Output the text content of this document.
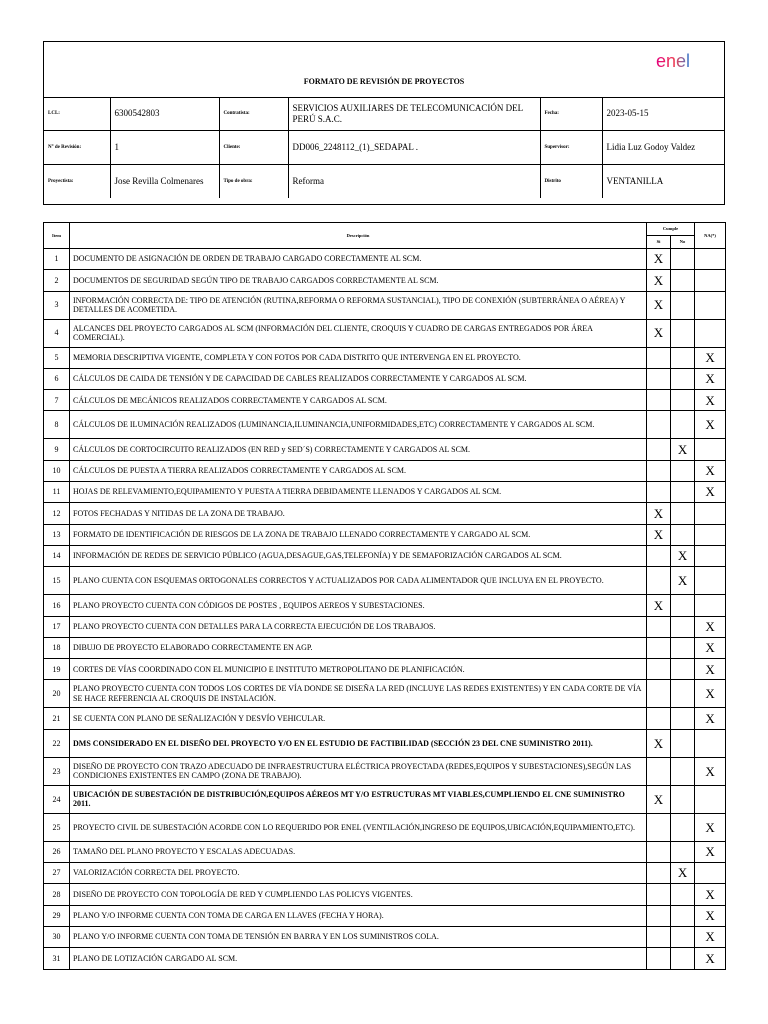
FORMATO DE REVISIÓN DE PROYECTOS
enel
LCL:	6300542803	Contratista:	SERVICIOS AUXILIARES DE TELECOMUNICACIÓN DEL PERÚ S.A.C.	Fecha:	2023-05-15
N° de Revisión:	1	Cliente:	DD006_2248112_(1)_SEDAPAL .	Supervisor:	Lidia Luz Godoy Valdez
Proyectista:	Jose Revilla Colmenares	Tipo de obra:	Reforma	Distrito	VENTANILLA
Item	Descripción	Cumple		NA(*)
		Si	No	
1	DOCUMENTO DE ASIGNACIÓN DE ORDEN DE TRABAJO CARGADO CORECTAMENTE AL SCM.	X		
2	DOCUMENTOS DE SEGURIDAD SEGÚN TIPO DE TRABAJO CARGADOS CORRECTAMENTE AL SCM.	X		
3	INFORMACIÓN CORRECTA DE: TIPO DE ATENCIÓN (RUTINA,REFORMA O REFORMA SUSTANCIAL), TIPO DE CONEXIÓN (SUBTERRÁNEA O AÉREA) Y DETALLES DE ACOMETIDA.	X		
4	ALCANCES DEL PROYECTO CARGADOS AL SCM (INFORMACIÓN DEL CLIENTE, CROQUIS Y CUADRO DE CARGAS ENTREGADOS POR ÁREA COMERCIAL).	X		
5	MEMORIA DESCRIPTIVA VIGENTE, COMPLETA Y CON FOTOS POR CADA DISTRITO QUE INTERVENGA EN EL PROYECTO.			X
6	CÁLCULOS DE CAIDA DE TENSIÓN Y DE CAPACIDAD DE CABLES REALIZADOS CORRECTAMENTE Y CARGADOS AL SCM.			X
7	CÁLCULOS DE MECÁNICOS REALIZADOS CORRECTAMENTE Y CARGADOS AL SCM.			X
8	CÁLCULOS DE ILUMINACIÓN REALIZADOS (LUMINANCIA,ILUMINANCIA,UNIFORMIDADES,ETC) CORRECTAMENTE Y CARGADOS AL SCM.			X
9	CÁLCULOS DE CORTOCIRCUITO REALIZADOS (EN RED y SED´S) CORRECTAMENTE Y CARGADOS AL SCM.		X	
10	CÁLCULOS DE PUESTA A TIERRA REALIZADOS CORRECTAMENTE Y CARGADOS AL SCM.			X
11	HOJAS DE RELEVAMIENTO,EQUIPAMIENTO Y PUESTA A TIERRA DEBIDAMENTE LLENADOS Y CARGADOS AL SCM.			X
12	FOTOS FECHADAS Y NITIDAS DE LA ZONA DE TRABAJO.	X		
13	FORMATO DE IDENTIFICACIÓN DE RIESGOS DE LA ZONA DE TRABAJO LLENADO CORRECTAMENTE Y CARGADO AL SCM.	X		
14	INFORMACIÓN DE REDES DE SERVICIO PÚBLICO (AGUA,DESAGUE,GAS,TELEFONÍA) Y DE SEMAFORIZACIÓN CARGADOS AL SCM.		X	
15	PLANO CUENTA CON ESQUEMAS ORTOGONALES CORRECTOS Y ACTUALIZADOS POR CADA ALIMENTADOR QUE INCLUYA EN EL PROYECTO.		X	
16	PLANO PROYECTO CUENTA CON CÓDIGOS DE POSTES , EQUIPOS AEREOS Y SUBESTACIONES.	X		
17	PLANO PROYECTO CUENTA CON DETALLES PARA LA CORRECTA EJECUCIÓN DE LOS TRABAJOS.			X
18	DIBUJO DE PROYECTO ELABORADO CORRECTAMENTE EN AGP.			X
19	CORTES DE VÍAS COORDINADO CON EL MUNICIPIO E INSTITUTO METROPOLITANO DE PLANIFICACIÓN.			X
20	PLANO PROYECTO CUENTA CON TODOS LOS CORTES DE VÍA DONDE SE DISEÑA LA RED (INCLUYE LAS REDES EXISTENTES) Y EN CADA CORTE DE VÍA SE HACE REFERENCIA AL CROQUIS DE INSTALACIÓN.			X
21	SE CUENTA CON PLANO DE SEÑALIZACIÓN Y DESVÍO VEHICULAR.			X
22	DMS CONSIDERADO EN EL DISEÑO DEL PROYECTO Y/O EN EL ESTUDIO DE FACTIBILIDAD (SECCIÓN 23 DEL CNE SUMINISTRO 2011).	X		
23	DISEÑO DE PROYECTO CON TRAZO ADECUADO DE INFRAESTRUCTURA ELÉCTRICA PROYECTADA (REDES,EQUIPOS Y SUBESTACIONES),SEGÚN LAS CONDICIONES EXISTENTES EN CAMPO (ZONA DE TRABAJO).			X
24	UBICACIÓN DE SUBESTACIÓN DE DISTRIBUCIÓN,EQUIPOS AÉREOS MT Y/O ESTRUCTURAS MT VIABLES,CUMPLIENDO EL CNE SUMINISTRO 2011.	X		
25	PROYECTO CIVIL DE SUBESTACIÓN ACORDE CON LO REQUERIDO POR ENEL (VENTILACIÓN,INGRESO DE EQUIPOS,UBICACIÓN,EQUIPAMIENTO,ETC).			X
26	TAMAÑO DEL PLANO PROYECTO Y ESCALAS ADECUADAS.			X
27	VALORIZACIÓN CORRECTA DEL PROYECTO.		X	
28	DISEÑO DE PROYECTO CON TOPOLOGÍA DE RED Y CUMPLIENDO LAS POLICYS VIGENTES.			X
29	PLANO Y/O INFORME CUENTA CON TOMA DE CARGA EN LLAVES (FECHA Y HORA).			X
30	PLANO Y/O INFORME CUENTA CON TOMA DE TENSIÓN EN BARRA Y EN LOS SUMINISTROS COLA.			X
31	PLANO DE LOTIZACIÓN CARGADO AL SCM.			X
